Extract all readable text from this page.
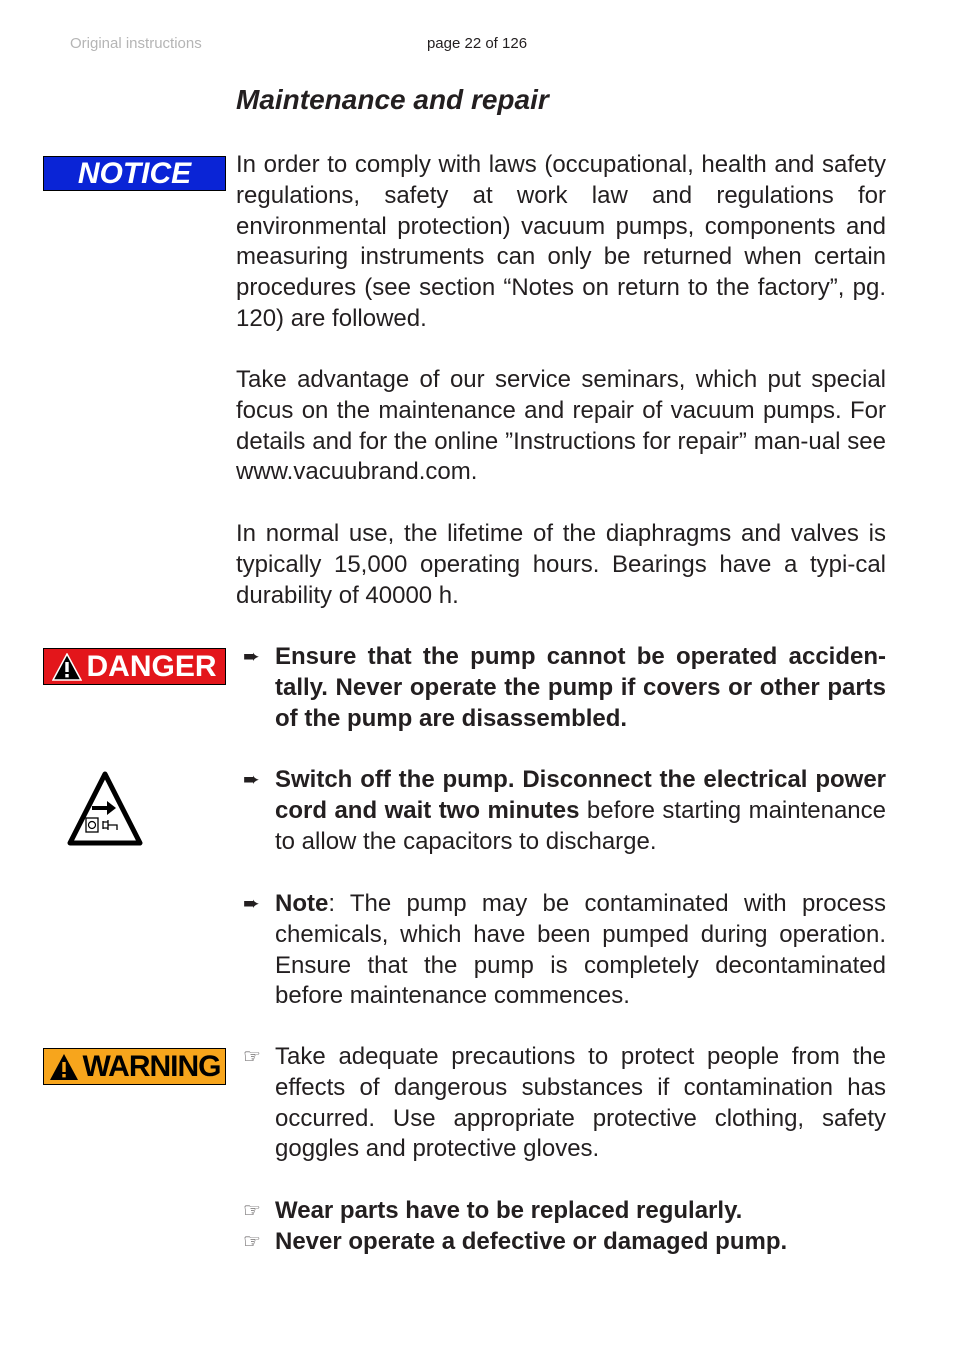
Original instructions	page 22 of 126
Maintenance and repair
NOTICE In order to comply with laws (occupational, health and safety regulations, safety at work law and regulations for environmental protection) vacuum pumps, components and measuring instruments can only be returned when certain procedures (see section “Notes on return to the factory”, pg. 120) are followed.

Take advantage of our service seminars, which put special focus on the maintenance and repair of vacuum pumps. For details and for the online ”Instructions for repair” man-ual see www.vacuubrand.com.

In normal use, the lifetime of the diaphragms and valves is typically 15,000 operating hours. Bearings have a typi-cal durability of 40000 h.

DANGER ➨ Ensure that the pump cannot be operated acciden-tally. Never operate the pump if covers or other parts of the pump are disassembled.
➨ Switch off the pump. Disconnect the electrical power cord and wait two minutes before starting maintenance to allow the capacitors to discharge.
➨ Note: The pump may be contaminated with process chemicals, which have been pumped during operation. Ensure that the pump is completely decontaminated before maintenance commences.
WARNING ☞ Take adequate precautions to protect people from the effects of dangerous substances if contamination has occurred. Use appropriate protective clothing, safety goggles and protective gloves.
☞ Wear parts have to be replaced regularly.
☞ Never operate a defective or damaged pump.
